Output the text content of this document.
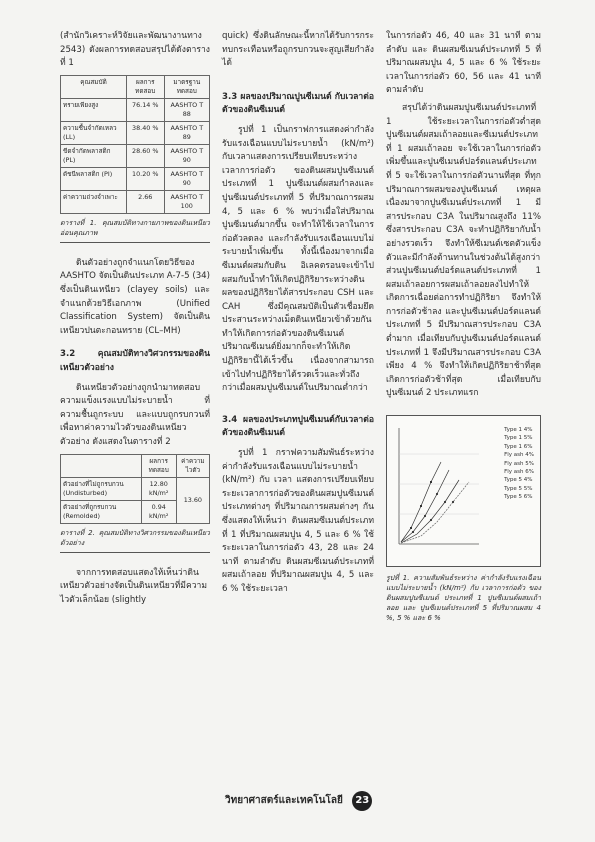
(สำนักวิเคราะห์วิจัยและพัฒนางานทาง 2543) ดังผลการทดสอบสรุปได้ดังตารางที่ 1

คุณสมบัติ	ผลการทดสอบ	มาตรฐานทดสอบ
ทรายเพียงสูง	76.14 %	AASHTO T 88
ความชื้นจำกัดเหลว (LL)	38.40 %	AASHTO T 89
ขีดจำกัดพลาสติก (PL)	28.60 %	AASHTO T 90
ดัชนีพลาสติก (PI)	10.20 %	AASHTO T 90
ค่าความถ่วงจำเพาะ	2.66	AASHTO T 100
ตารางที่ 1. คุณสมบัติทางกายภาพของดินเหนียวอ่อนคุณภาพ

ดินตัวอย่างถูกจำแนกโดยวิธีของ AASHTO จัดเป็นดินประเภท A-7-5 (34) ซึ่งเป็นดินเหนียว (clayey soils) และจำแนกด้วยวิธีเอกภาพ (Unified Classification System) จัดเป็นดินเหนียวปนตะกอนทราย (CL–MH)

3.2 คุณสมบัติทางวิศวกรรมของดินเหนียวตัวอย่าง

ดินเหนียวตัวอย่างถูกนำมาทดสอบความแข็งแรงแบบไม่ระบายน้ำ ที่ความชื้นถูกระบบ และแบบถูกรบกวนที่เพื่อหาค่าความไวตัวของดินเหนียวตัวอย่าง ดังแสดงในตารางที่ 2

	ผลการทดสอบ	ค่าความไวตัว
ตัวอย่างที่ไม่ถูกรบกวน (Undisturbed)	12.80 kN/m²	13.60
ตัวอย่างที่ถูกรบกวน (Remolded)	0.94 kN/m²	
ตารางที่ 2. คุณสมบัติทางวิศวกรรมของดินเหนียวตัวอย่าง

จากการทดสอบแสดงให้เห็นว่าดินเหนียวตัวอย่างจัดเป็นดินเหนียวที่มีความไวตัวเล็กน้อย (slightly

quick) ซึ่งดินลักษณะนี้หากได้รับการกระทบกระเทือนหรือถูกรบกวนจะสูญเสียกำลังได้

3.3 ผลของปริมาณปูนซีเมนต์ กับเวลาต่อตัวของดินซีเมนต์

รูปที่ 1 เป็นกราฟการแสดงค่ากำลังรับแรงเฉือนแบบไม่ระบายน้ำ (kN/m²) กับเวลาแสดงการเปรียบเทียบระหว่างเวลาการก่อตัว ของดินผสมปูนซีเมนต์ประเภทที่ 1 ปูนซีเมนต์ผสมกำลงและปูนซีเมนต์ประเภทที่ 5 ที่ปริมาณการผสม 4, 5 และ 6 % พบว่าเมื่อใส่ปริมาณปูนซีเมนต์มากขึ้น จะทำให้ใช้เวลาในการก่อตัวลดลง และกำลังรับแรงเฉือนแบบไม่ระบายน้ำเพิ่มขึ้น ทั้งนี้เนื่องมาจากเมื่อซีเมนต์ผสมกับดิน อิเลคตรอนจะเข้าไปผสมกับน้ำทำให้เกิดปฏิกิริยาระหว่างดิน ผลของปฏิกิริยาได้สารประกอบ CSH และ CAH ซึ่งมีคุณสมบัติเป็นตัวเชื่อมยึดประสานระหว่างเม็ดดินเหนียวเข้าด้วยกัน ทำให้เกิดการก่อตัวของดินซีเมนต์ ปริมาณซีเมนต์ยิ่งมากก็จะทำให้เกิดปฏิกิริยานี้ได้เร็วขึ้น เนื่องจากสามารถเข้าไปทำปฏิกิริยาได้รวดเร็วและทั่วถึงกว่าเมื่อผสมปูนซีเมนต์ในปริมาณต่ำกว่า

3.4 ผลของประเภทปูนซีเมนต์กับเวลาต่อตัวของดินซีเมนต์

รูปที่ 1 กราฟความสัมพันธ์ระหว่าง ค่ากำลังรับแรงเฉือนแบบไม่ระบายน้ำ (kN/m²) กับ เวลา แสดงการเปรียบเทียบระยะเวลาการก่อตัวของดินผสมปูนซีเมนต์ ประเภทต่างๆ ที่ปริมาณการผสมต่างๆ กัน ซึ่งแสดงให้เห็นว่า ดินผสมซีเมนต์ประเภทที่ 1 ที่ปริมาณผสมปูน 4, 5 และ 6 % ใช้ระยะเวลาในการก่อตัว 43, 28 และ 24 นาที ตามลำดับ ดินผสมซีเมนต์ประเภทที่ผสมเถ้าลอย ที่ปริมาณผสมปูน 4, 5 และ 6 % ใช้ระยะเวลา

ในการก่อตัว 46, 40 และ 31 นาที ตามลำดับ และ ดินผสมซีเมนต์ประเภทที่ 5 ที่ปริมาณผสมปูน 4, 5 และ 6 % ใช้ระยะเวลาในการก่อตัว 60, 56 และ 41 นาที ตามลำดับ

สรุปได้ว่าดินผสมปูนซีเมนต์ประเภทที่ 1 ใช้ระยะเวลาในการก่อตัวต่ำสุด ปูนซีเมนต์ผสมเถ้าลอยและซีเมนต์ประเภทที่ 1 ผสมเถ้าลอย จะใช้เวลาในการก่อตัวเพิ่มขึ้นและปูนซีเมนต์ปอร์ตแลนด์ประเภทที่ 5 จะใช้เวลาในการก่อตัวนานที่สุด ที่ทุกปริมาณการผสมของปูนซีเมนต์ เหตุผลเนื่องมาจากปูนซีเมนต์ประเภทที่ 1 มีสารประกอบ C3A ในปริมาณสูงถึง 11% ซึ่งสารประกอบ C3A จะทำปฏิกิริยากับน้ำอย่างรวดเร็ว จึงทำให้ซีเมนต์เซตตัวแข็งตัวและมีกำลังต้านทานในช่วงต้นได้สูงกว่า ส่วนปูนซีเมนต์ปอร์ตแลนด์ประเภทที่ 1 ผสมเถ้าลอยการผสมเถ้าลอยลงไปทำให้เกิดการเฉื่อยต่อการทำปฏิกิริยา จึงทำให้การก่อตัวช้าลง และปูนซีเมนต์ปอร์ตแลนด์ประเภทที่ 5 มีปริมาณสารประกอบ C3A ต่ำมาก เมื่อเทียบกับปูนซีเมนต์ปอร์ตแลนด์ประเภทที่ 1 จึงมีปริมาณสารประกอบ C3A เพียง 4 % จึงทำให้เกิดปฏิกิริยาช้าที่สุด เกิดการก่อตัวช้าที่สุด เมื่อเทียบกับปูนซีเมนต์ 2 ประเภทแรก

Type 1 4%
Type 1 5%
Type 1 6%
Fly ash 4%
Fly ash 5%
Fly ash 6%
Type 5 4%
Type 5 5%
Type 5 6%
รูปที่ 1. ความสัมพันธ์ระหว่าง ค่ากำลังรับแรงเฉือนแบบไม่ระบายน้ำ (kN/m²) กับ เวลาการก่อตัว ของดินผสมปูนซีเมนต์ ประเภทที่ 1 ปูนซีเมนต์ผสมเถ้าลอย และ ปูนซีเมนต์ประเภทที่ 5 ที่ปริมาณผสม 4 %, 5 % และ 6 %
วิทยาศาสตร์และเทคโนโลยี 23
